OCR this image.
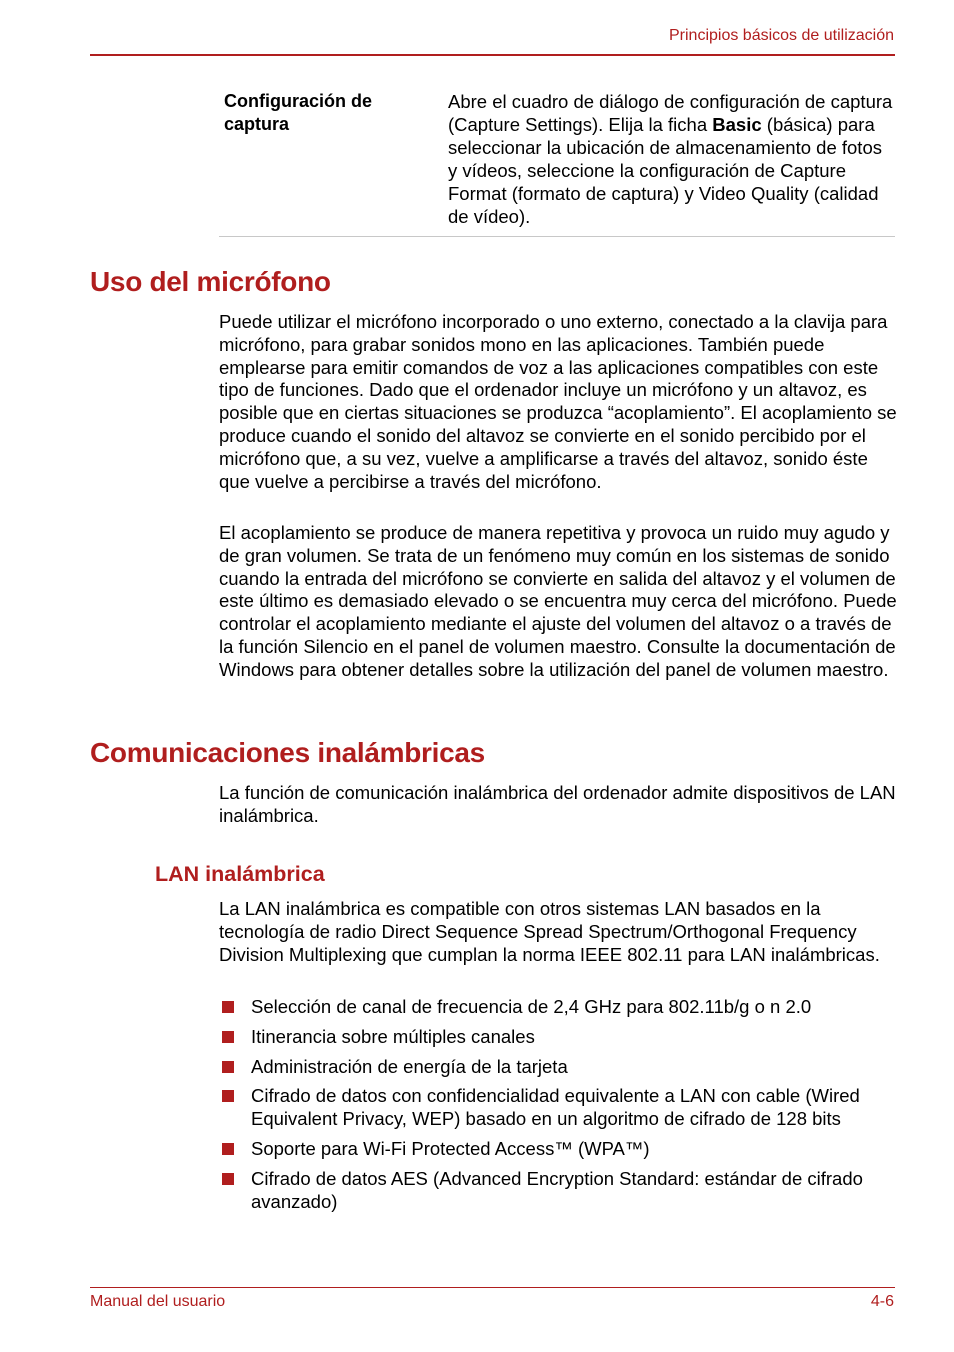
Principios básicos de utilización
Configuración de captura
Abre el cuadro de diálogo de configuración de captura (Capture Settings). Elija la ficha Basic (básica) para seleccionar la ubicación de almacenamiento de fotos y vídeos, seleccione la configuración de Capture Format (formato de captura) y Video Quality (calidad de vídeo).
Uso del micrófono

Puede utilizar el micrófono incorporado o uno externo, conectado a la clavija para micrófono, para grabar sonidos mono en las aplicaciones. También puede emplearse para emitir comandos de voz a las aplicaciones compatibles con este tipo de funciones. Dado que el ordenador incluye un micrófono y un altavoz, es posible que en ciertas situaciones se produzca “acoplamiento”. El acoplamiento se produce cuando el sonido del altavoz se convierte en el sonido percibido por el micrófono que, a su vez, vuelve a amplificarse a través del altavoz, sonido éste que vuelve a percibirse a través del micrófono.

El acoplamiento se produce de manera repetitiva y provoca un ruido muy agudo y de gran volumen. Se trata de un fenómeno muy común en los sistemas de sonido cuando la entrada del micrófono se convierte en salida del altavoz y el volumen de este último es demasiado elevado o se encuentra muy cerca del micrófono. Puede controlar el acoplamiento mediante el ajuste del volumen del altavoz o a través de la función Silencio en el panel de volumen maestro. Consulte la documentación de Windows para obtener detalles sobre la utilización del panel de volumen maestro.

Comunicaciones inalámbricas

La función de comunicación inalámbrica del ordenador admite dispositivos de LAN inalámbrica.

LAN inalámbrica

La LAN inalámbrica es compatible con otros sistemas LAN basados en la tecnología de radio Direct Sequence Spread Spectrum/Orthogonal Frequency Division Multiplexing que cumplan la norma IEEE 802.11 para LAN inalámbricas.

Selección de canal de frecuencia de 2,4 GHz para 802.11b/g o n 2.0
Itinerancia sobre múltiples canales
Administración de energía de la tarjeta
Cifrado de datos con confidencialidad equivalente a LAN con cable (Wired Equivalent Privacy, WEP) basado en un algoritmo de cifrado de 128 bits
Soporte para Wi-Fi Protected Access™ (WPA™)
Cifrado de datos AES (Advanced Encryption Standard: estándar de cifrado avanzado)
Manual del usuario	4-6
